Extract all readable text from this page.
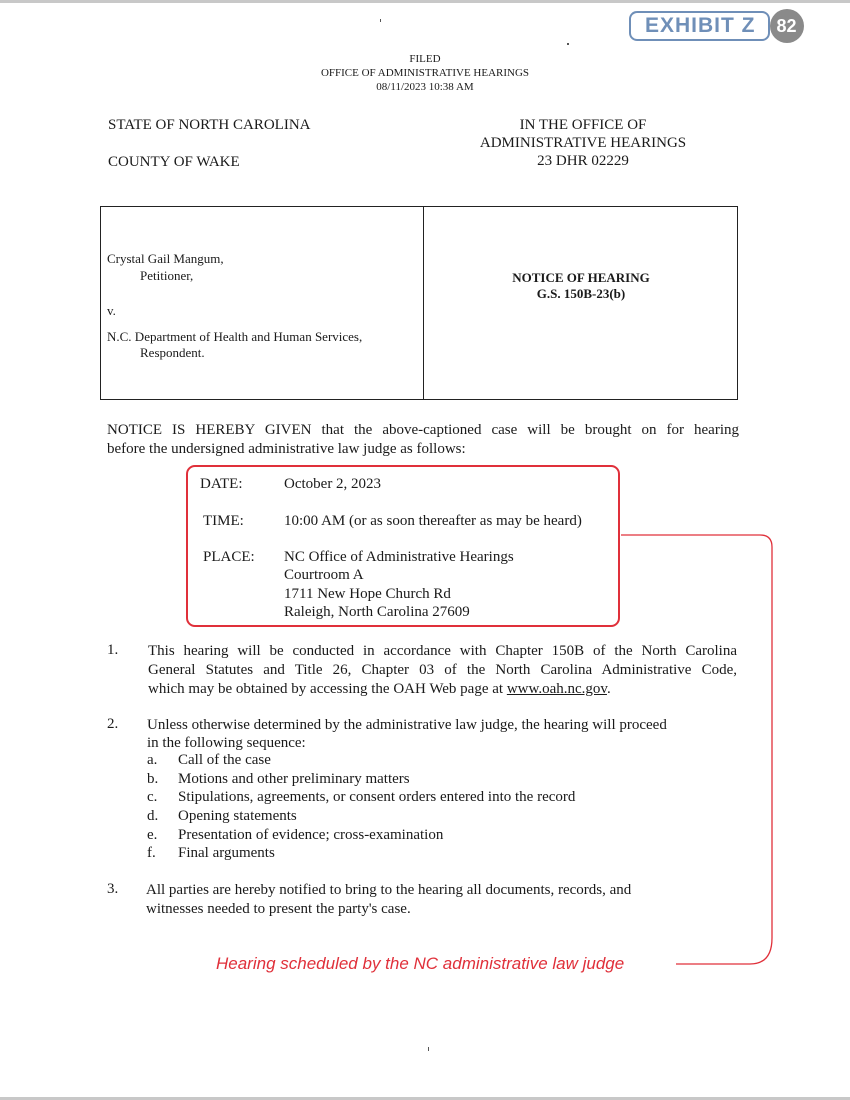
EXHIBIT Z	82
FILED
OFFICE OF ADMINISTRATIVE HEARINGS
08/11/2023 10:38 AM
STATE OF NORTH CAROLINA
COUNTY OF WAKE
IN THE OFFICE OF
ADMINISTRATIVE HEARINGS
23 DHR 02229
Crystal Gail Mangum,
Petitioner,
v.
N.C. Department of Health and Human Services,
Respondent.
NOTICE OF HEARING
G.S. 150B-23(b)
NOTICE IS HEREBY GIVEN that the above-captioned case will be brought on for hearing
before the undersigned administrative law judge as follows:
DATE:	October 2, 2023
TIME:	10:00 AM (or as soon thereafter as may be heard)
PLACE: NC Office of Administrative Hearings
Courtroom A
1711 New Hope Church Rd
Raleigh, North Carolina 27609
1. This hearing will be conducted in accordance with Chapter 150B of the North Carolina
General Statutes and Title 26, Chapter 03 of the North Carolina Administrative Code,
which may be obtained by accessing the OAH Web page at www.oah.nc.gov.
2. Unless otherwise determined by the administrative law judge, the hearing will proceed
in the following sequence:
a. Call of the case
b. Motions and other preliminary matters
c. Stipulations, agreements, or consent orders entered into the record
d. Opening statements
e. Presentation of evidence; cross-examination
f. Final arguments
3. All parties are hereby notified to bring to the hearing all documents, records, and
witnesses needed to present the party's case.
Hearing scheduled by the NC administrative law judge
